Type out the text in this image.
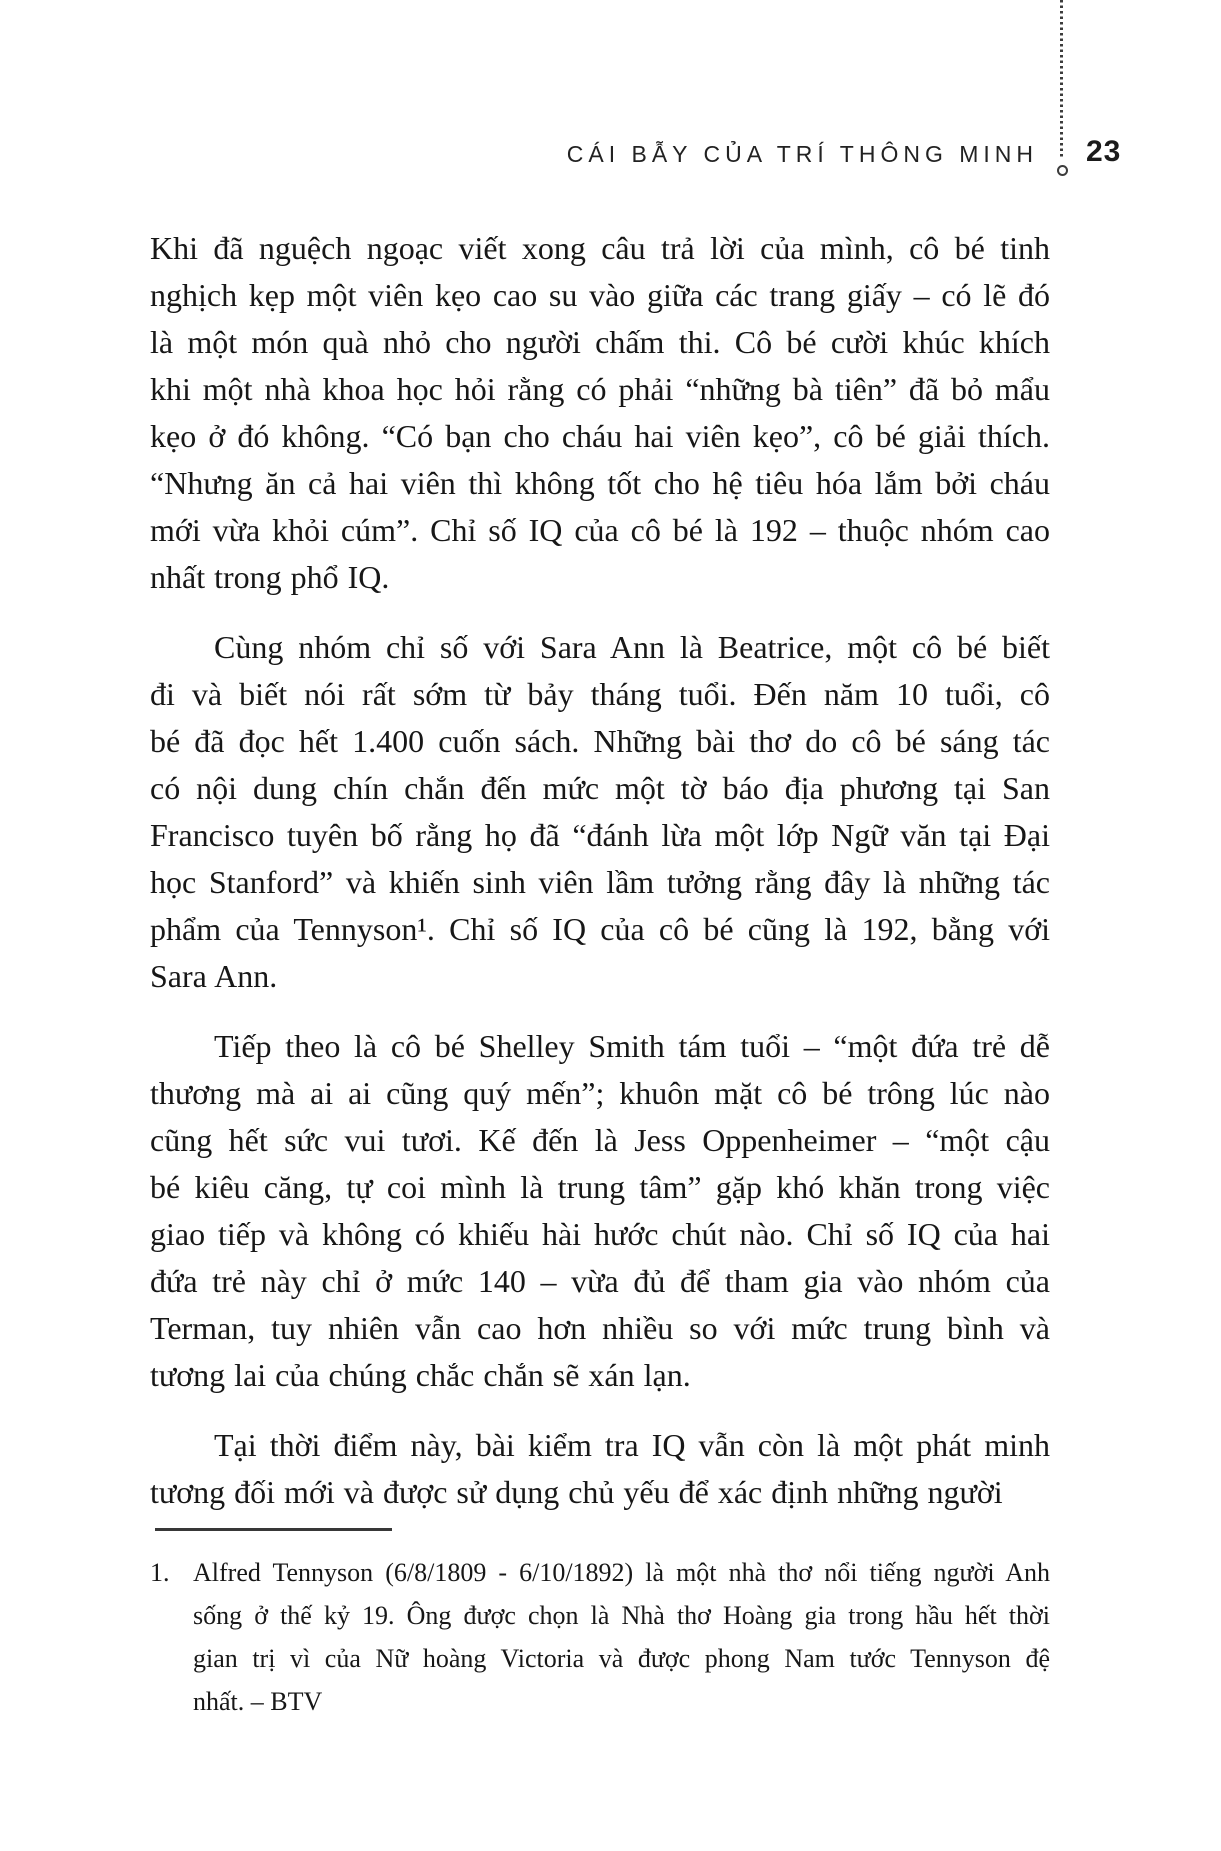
CÁI BẪY CỦA TRÍ THÔNG MINH 23
Khi đã nguệch ngoạc viết xong câu trả lời của mình, cô bé tinh
nghịch kẹp một viên kẹo cao su vào giữa các trang giấy – có lẽ đó
là một món quà nhỏ cho người chấm thi. Cô bé cười khúc khích
khi một nhà khoa học hỏi rằng có phải “những bà tiên” đã bỏ mẩu
kẹo ở đó không. “Có bạn cho cháu hai viên kẹo”, cô bé giải thích.
“Nhưng ăn cả hai viên thì không tốt cho hệ tiêu hóa lắm bởi cháu
mới vừa khỏi cúm”. Chỉ số IQ của cô bé là 192 – thuộc nhóm cao
nhất trong phổ IQ.
Cùng nhóm chỉ số với Sara Ann là Beatrice, một cô bé biết
đi và biết nói rất sớm từ bảy tháng tuổi. Đến năm 10 tuổi, cô
bé đã đọc hết 1.400 cuốn sách. Những bài thơ do cô bé sáng tác
có nội dung chín chắn đến mức một tờ báo địa phương tại San
Francisco tuyên bố rằng họ đã “đánh lừa một lớp Ngữ văn tại Đại
học Stanford” và khiến sinh viên lầm tưởng rằng đây là những tác
phẩm của Tennyson¹. Chỉ số IQ của cô bé cũng là 192, bằng với
Sara Ann.
Tiếp theo là cô bé Shelley Smith tám tuổi – “một đứa trẻ dễ
thương mà ai ai cũng quý mến”; khuôn mặt cô bé trông lúc nào
cũng hết sức vui tươi. Kế đến là Jess Oppenheimer – “một cậu
bé kiêu căng, tự coi mình là trung tâm” gặp khó khăn trong việc
giao tiếp và không có khiếu hài hước chút nào. Chỉ số IQ của hai
đứa trẻ này chỉ ở mức 140 – vừa đủ để tham gia vào nhóm của
Terman, tuy nhiên vẫn cao hơn nhiều so với mức trung bình và
tương lai của chúng chắc chắn sẽ xán lạn.
Tại thời điểm này, bài kiểm tra IQ vẫn còn là một phát minh
tương đối mới và được sử dụng chủ yếu để xác định những người
1. Alfred Tennyson (6/8/1809 - 6/10/1892) là một nhà thơ nổi tiếng người Anh
sống ở thế kỷ 19. Ông được chọn là Nhà thơ Hoàng gia trong hầu hết thời
gian trị vì của Nữ hoàng Victoria và được phong Nam tước Tennyson đệ
nhất. – BTV
